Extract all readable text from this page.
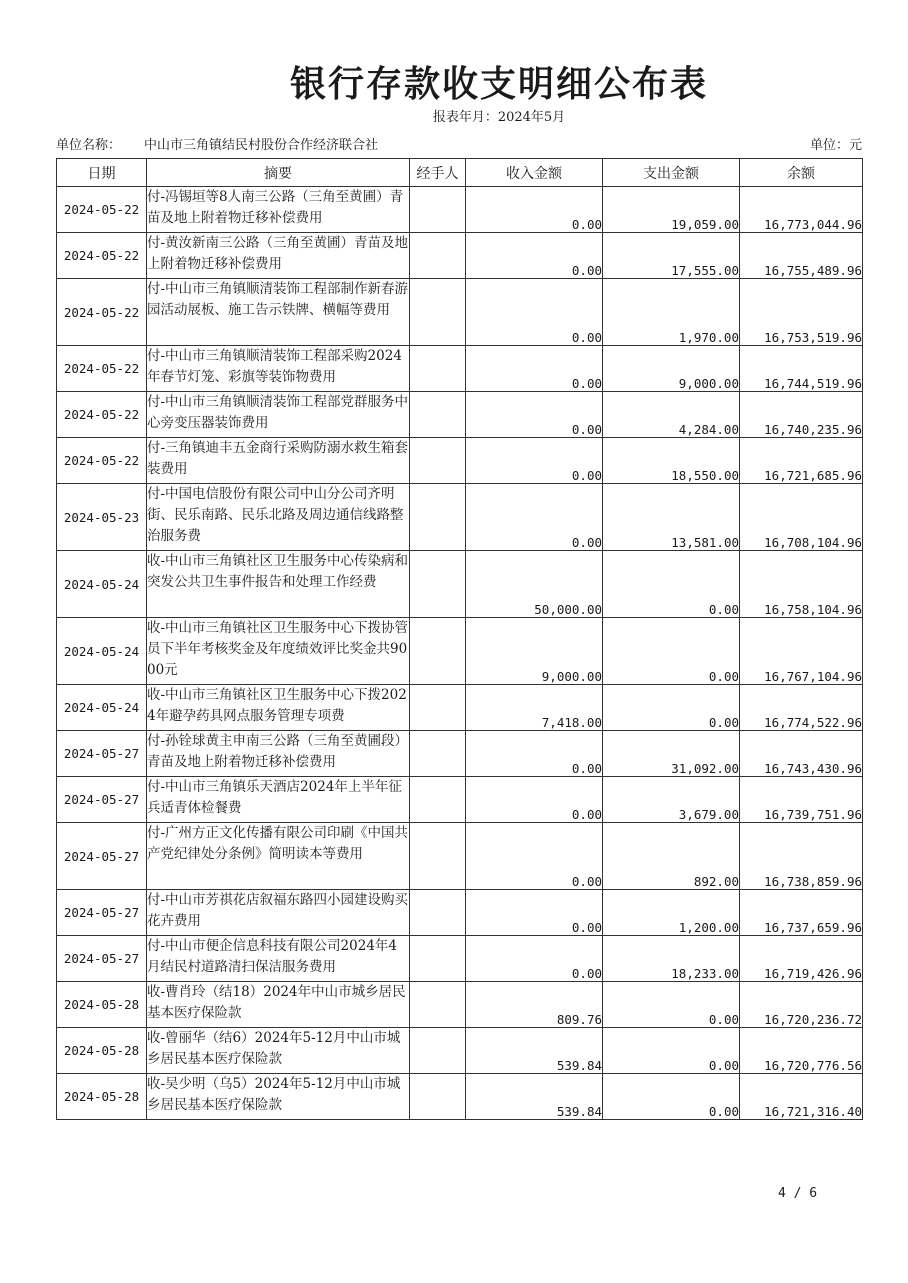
银行存款收支明细公布表
报表年月：2024年5月
单位名称： 中山市三角镇结民村股份合作经济联合社	单位：元
日期	摘要	经手人	收入金额	支出金额	余额
2024-05-22	付-冯锡垣等8人南三公路（三角至黄圃）青苗及地上附着物迁移补偿费用		0.00	19,059.00	16,773,044.96
2024-05-22	付-黄汝新南三公路（三角至黄圃）青苗及地上附着物迁移补偿费用		0.00	17,555.00	16,755,489.96
2024-05-22	付-中山市三角镇顺清装饰工程部制作新春游园活动展板、施工告示铁牌、横幅等费用		0.00	1,970.00	16,753,519.96
2024-05-22	付-中山市三角镇顺清装饰工程部采购2024年春节灯笼、彩旗等装饰物费用		0.00	9,000.00	16,744,519.96
2024-05-22	付-中山市三角镇顺清装饰工程部党群服务中心旁变压器装饰费用		0.00	4,284.00	16,740,235.96
2024-05-22	付-三角镇迪丰五金商行采购防溺水救生箱套装费用		0.00	18,550.00	16,721,685.96
2024-05-23	付-中国电信股份有限公司中山分公司齐明街、民乐南路、民乐北路及周边通信线路整治服务费		0.00	13,581.00	16,708,104.96
2024-05-24	收-中山市三角镇社区卫生服务中心传染病和突发公共卫生事件报告和处理工作经费		50,000.00	0.00	16,758,104.96
2024-05-24	收-中山市三角镇社区卫生服务中心下拨协管员下半年考核奖金及年度绩效评比奖金共9000元		9,000.00	0.00	16,767,104.96
2024-05-24	收-中山市三角镇社区卫生服务中心下拨2024年避孕药具网点服务管理专项费		7,418.00	0.00	16,774,522.96
2024-05-27	付-孙铨球黄主申南三公路（三角至黄圃段）青苗及地上附着物迁移补偿费用		0.00	31,092.00	16,743,430.96
2024-05-27	付-中山市三角镇乐天酒店2024年上半年征兵适青体检餐费		0.00	3,679.00	16,739,751.96
2024-05-27	付-广州方正文化传播有限公司印刷《中国共产党纪律处分条例》简明读本等费用		0.00	892.00	16,738,859.96
2024-05-27	付-中山市芳祺花店叙福东路四小园建设购买花卉费用		0.00	1,200.00	16,737,659.96
2024-05-27	付-中山市便企信息科技有限公司2024年4月结民村道路清扫保洁服务费用		0.00	18,233.00	16,719,426.96
2024-05-28	收-曹肖玲（结18）2024年中山市城乡居民基本医疗保险款		809.76	0.00	16,720,236.72
2024-05-28	收-曾丽华（结6）2024年5-12月中山市城乡居民基本医疗保险款		539.84	0.00	16,720,776.56
2024-05-28	收-吴少明（乌5）2024年5-12月中山市城乡居民基本医疗保险款		539.84	0.00	16,721,316.40
4 / 6
